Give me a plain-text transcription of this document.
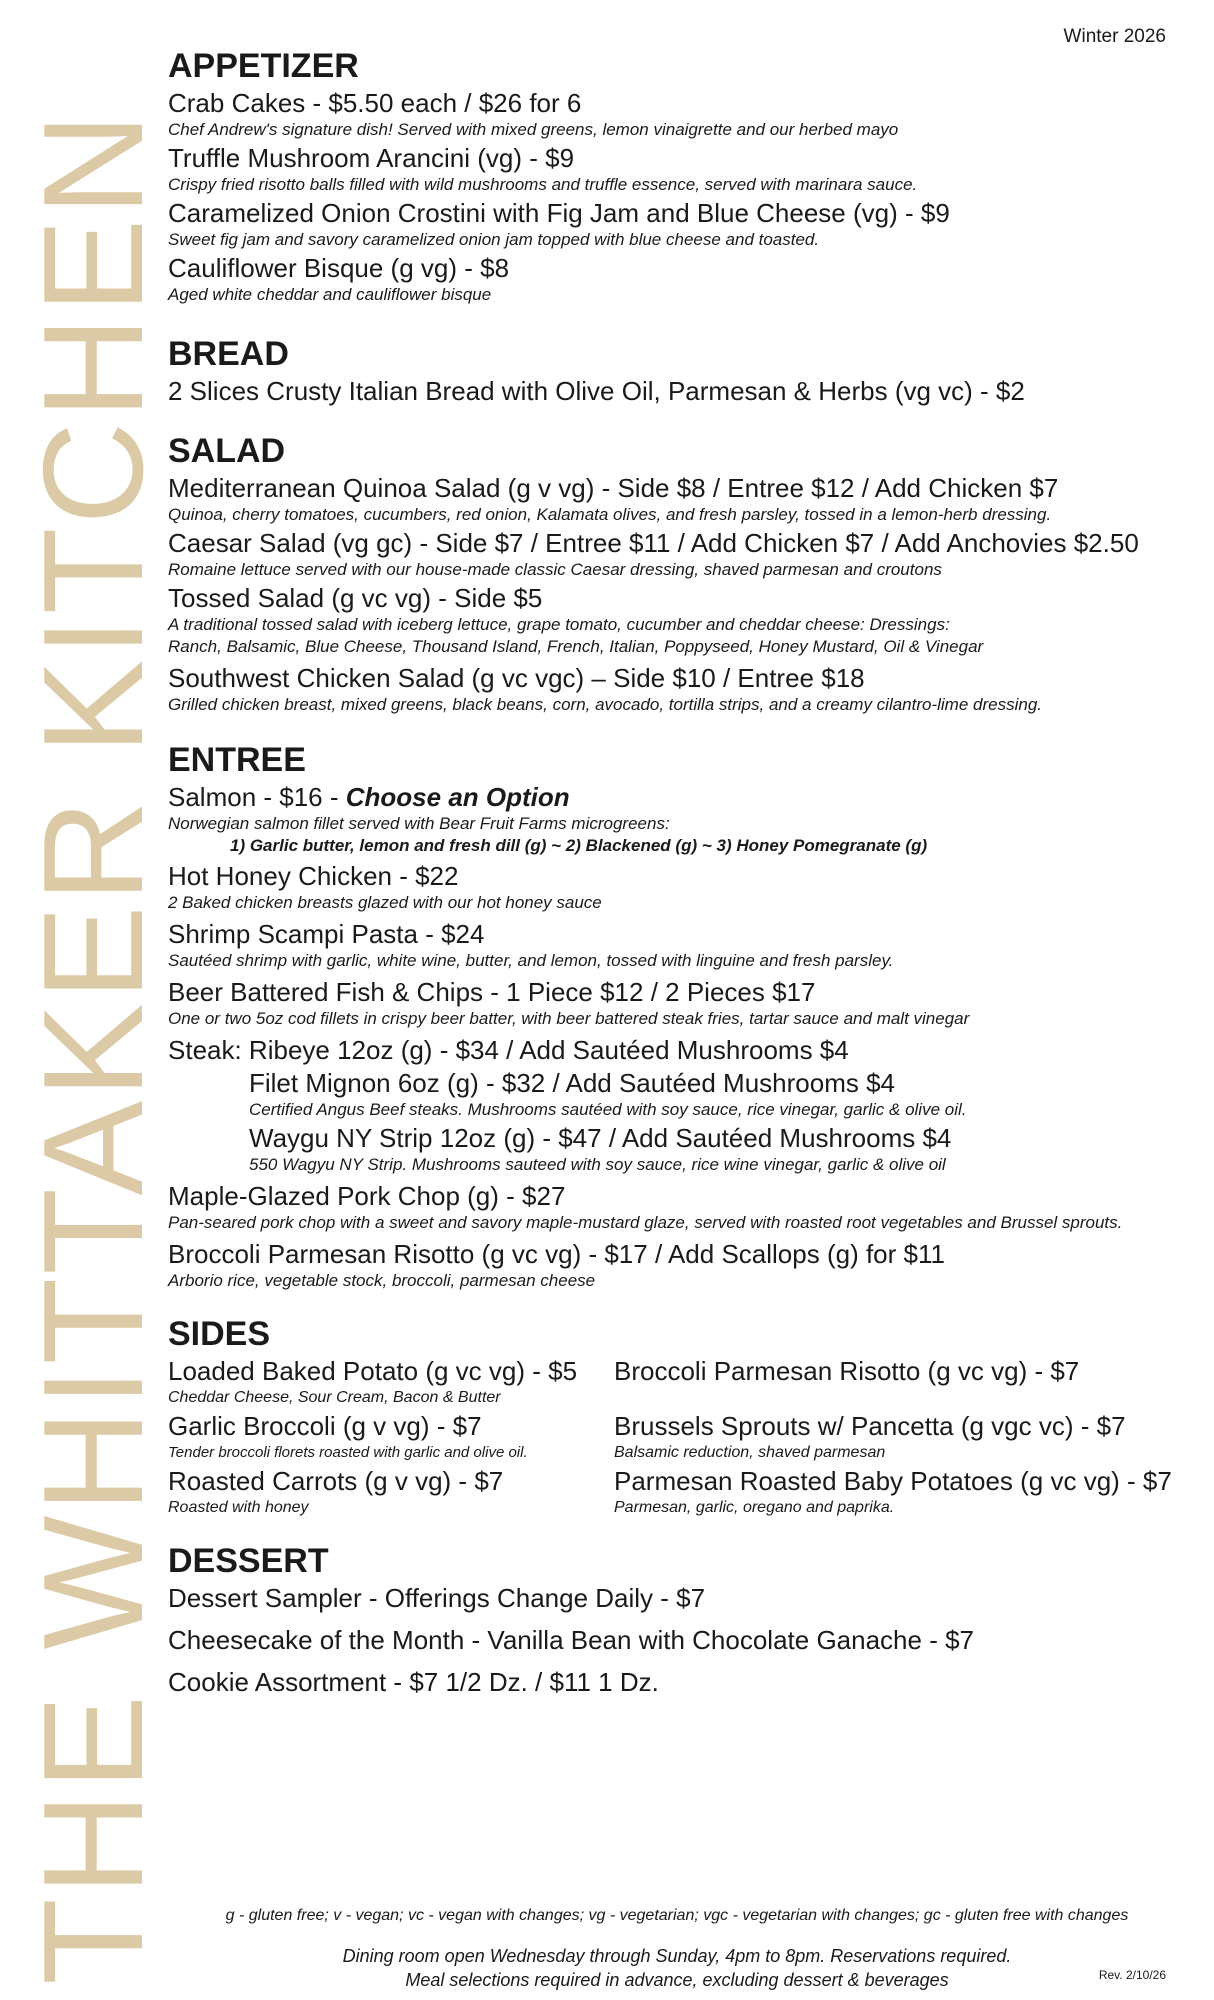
THE WHITTAKER KITCHEN
Winter 2026
APPETIZER
Crab Cakes - $5.50 each / $26 for 6
Chef Andrew's signature dish! Served with mixed greens, lemon vinaigrette and our herbed mayo
Truffle Mushroom Arancini (vg) - $9
Crispy fried risotto balls filled with wild mushrooms and truffle essence, served with marinara sauce.
Caramelized Onion Crostini with Fig Jam and Blue Cheese (vg) - $9
Sweet fig jam and savory caramelized onion jam topped with blue cheese and toasted.
Cauliflower Bisque (g vg) - $8
Aged white cheddar and cauliflower bisque
BREAD
2 Slices Crusty Italian Bread with Olive Oil, Parmesan & Herbs (vg vc) - $2
SALAD
Mediterranean Quinoa Salad (g v vg) - Side $8 / Entree $12 / Add Chicken $7
Quinoa, cherry tomatoes, cucumbers, red onion, Kalamata olives, and fresh parsley, tossed in a lemon-herb dressing.
Caesar Salad (vg gc) - Side $7 / Entree $11 / Add Chicken $7 / Add Anchovies $2.50
Romaine lettuce served with our house-made classic Caesar dressing, shaved parmesan and croutons
Tossed Salad (g vc vg) - Side $5
A traditional tossed salad with iceberg lettuce, grape tomato, cucumber and cheddar cheese: Dressings:
Ranch, Balsamic, Blue Cheese, Thousand Island, French, Italian, Poppyseed, Honey Mustard, Oil & Vinegar
Southwest Chicken Salad (g vc vgc) – Side $10 / Entree $18
Grilled chicken breast, mixed greens, black beans, corn, avocado, tortilla strips, and a creamy cilantro-lime dressing.
ENTREE
Salmon - $16 - Choose an Option
Norwegian salmon fillet served with Bear Fruit Farms microgreens:
1) Garlic butter, lemon and fresh dill (g) ~ 2) Blackened (g) ~ 3) Honey Pomegranate (g)
Hot Honey Chicken - $22
2 Baked chicken breasts glazed with our hot honey sauce
Shrimp Scampi Pasta - $24
Sautéed shrimp with garlic, white wine, butter, and lemon, tossed with linguine and fresh parsley.
Beer Battered Fish & Chips - 1 Piece $12 / 2 Pieces $17
One or two 5oz cod fillets in crispy beer batter, with beer battered steak fries, tartar sauce and malt vinegar
Steak: Ribeye 12oz (g) - $34 / Add Sautéed Mushrooms $4
Filet Mignon 6oz (g) - $32 / Add Sautéed Mushrooms $4
Certified Angus Beef steaks. Mushrooms sautéed with soy sauce, rice vinegar, garlic & olive oil.
Waygu NY Strip 12oz (g) - $47 / Add Sautéed Mushrooms $4
550 Wagyu NY Strip. Mushrooms sauteed with soy sauce, rice wine vinegar, garlic & olive oil
Maple-Glazed Pork Chop (g) - $27
Pan-seared pork chop with a sweet and savory maple-mustard glaze, served with roasted root vegetables and Brussel sprouts.
Broccoli Parmesan Risotto (g vc vg) - $17 / Add Scallops (g) for $11
Arborio rice, vegetable stock, broccoli, parmesan cheese
SIDES
Loaded Baked Potato (g vc vg) - $5
Cheddar Cheese, Sour Cream, Bacon & Butter
Garlic Broccoli (g v vg) - $7
Tender broccoli florets roasted with garlic and olive oil.
Roasted Carrots (g v vg) - $7
Roasted with honey
Broccoli Parmesan Risotto (g vc vg) - $7
Brussels Sprouts w/ Pancetta (g vgc vc) - $7
Balsamic reduction, shaved parmesan
Parmesan Roasted Baby Potatoes (g vc vg) - $7
Parmesan, garlic, oregano and paprika.
DESSERT
Dessert Sampler - Offerings Change Daily - $7
Cheesecake of the Month - Vanilla Bean with Chocolate Ganache - $7
Cookie Assortment - $7 1/2 Dz. / $11 1 Dz.
g - gluten free; v - vegan; vc - vegan with changes; vg - vegetarian; vgc - vegetarian with changes; gc - gluten free with changes
Dining room open Wednesday through Sunday, 4pm to 8pm. Reservations required.
Meal selections required in advance, excluding dessert & beverages	Rev. 2/10/26
